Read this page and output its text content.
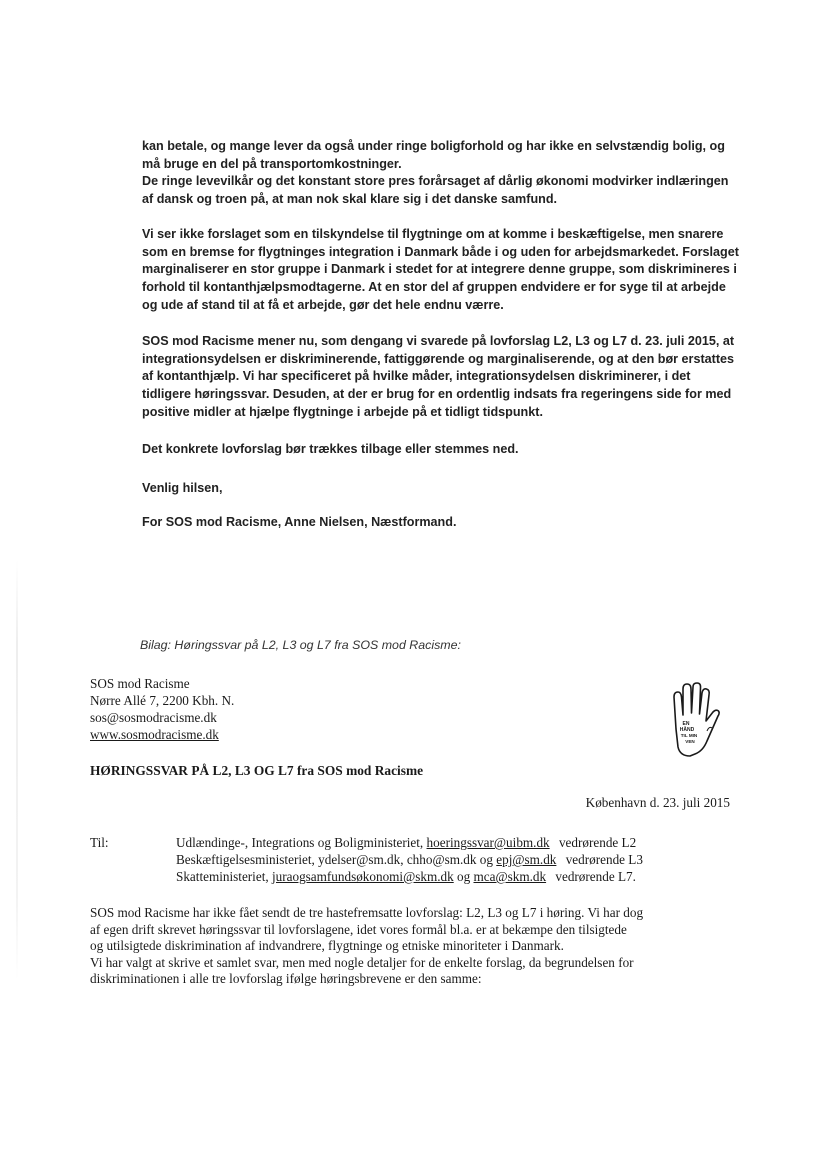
kan betale, og mange lever da også under ringe boligforhold og har ikke en selvstændig bolig, og
må bruge en del på transportomkostninger.
De ringe levevilkår og det konstant store pres forårsaget af dårlig økonomi modvirker indlæringen
af dansk og troen på, at man nok skal klare sig i det danske samfund.
Vi ser ikke forslaget som en tilskyndelse til flygtninge om at komme i beskæftigelse, men snarere
som en bremse for flygtninges integration i Danmark både i og uden for arbejdsmarkedet. Forslaget
marginaliserer en stor gruppe i Danmark i stedet for at integrere denne gruppe, som diskrimineres i
forhold til kontanthjælpsmodtagerne. At en stor del af gruppen endvidere er for syge til at arbejde
og ude af stand til at få et arbejde, gør det hele endnu værre.
SOS mod Racisme mener nu, som dengang vi svarede på lovforslag L2, L3 og L7 d. 23. juli 2015, at
integrationsydelsen er diskriminerende, fattiggørende og marginaliserende, og at den bør erstattes
af kontanthjælp. Vi har specificeret på hvilke måder, integrationsydelsen diskriminerer, i det
tidligere høringssvar. Desuden, at der er brug for en ordentlig indsats fra regeringens side for med
positive midler at hjælpe flygtninge i arbejde på et tidligt tidspunkt.
Det konkrete lovforslag bør trækkes tilbage eller stemmes ned.
Venlig hilsen,
For SOS mod Racisme, Anne Nielsen, Næstformand.
Bilag: Høringssvar på L2, L3 og L7 fra SOS mod Racisme:
SOS mod Racisme
Nørre Allé 7, 2200 Kbh. N.
sos@sosmodracisme.dk
www.sosmodracisme.dk
EN
HÅND
TIL MIN
VEN
HØRINGSSVAR PÅ L2, L3 OG L7 fra SOS mod Racisme
København d. 23. juli 2015
Til:	Udlændinge-, Integrations og Boligministeriet, hoeringssvar@uibm.dk vedrørende L2
Beskæftigelsesministeriet, ydelser@sm.dk, chho@sm.dk og epj@sm.dk vedrørende L3
Skatteministeriet, juraogsamfundsøkonomi@skm.dk og mca@skm.dk vedrørende L7.

SOS mod Racisme har ikke fået sendt de tre hastefremsatte lovforslag: L2, L3 og L7 i høring. Vi har dog
af egen drift skrevet høringssvar til lovforslagene, idet vores formål bl.a. er at bekæmpe den tilsigtede
og utilsigtede diskrimination af indvandrere, flygtninge og etniske minoriteter i Danmark.

Vi har valgt at skrive et samlet svar, men med nogle detaljer for de enkelte forslag, da begrundelsen for
diskriminationen i alle tre lovforslag ifølge høringsbrevene er den samme:
